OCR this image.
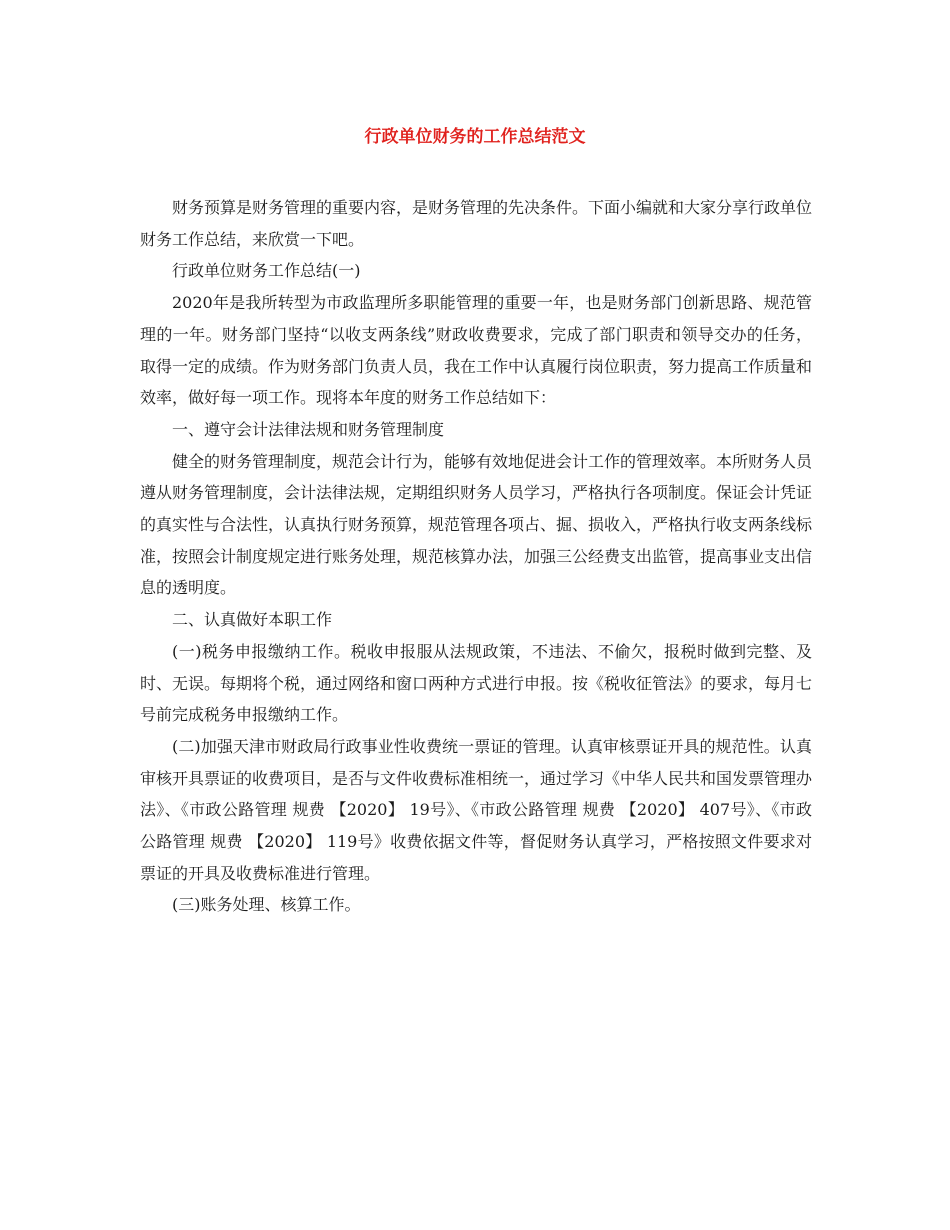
行政单位财务的工作总结范文

财务预算是财务管理的重要内容，是财务管理的先决条件。下面小编就和大家分享行政单位财务工作总结，来欣赏一下吧。

行政单位财务工作总结(一)

2020年是我所转型为市政监理所多职能管理的重要一年，也是财务部门创新思路、规范管理的一年。财务部门坚持“以收支两条线”财政收费要求，完成了部门职责和领导交办的任务，取得一定的成绩。作为财务部门负责人员，我在工作中认真履行岗位职责，努力提高工作质量和效率，做好每一项工作。现将本年度的财务工作总结如下：

一、遵守会计法律法规和财务管理制度

健全的财务管理制度，规范会计行为，能够有效地促进会计工作的管理效率。本所财务人员遵从财务管理制度，会计法律法规，定期组织财务人员学习，严格执行各项制度。保证会计凭证的真实性与合法性，认真执行财务预算，规范管理各项占、掘、损收入，严格执行收支两条线标准，按照会计制度规定进行账务处理，规范核算办法，加强三公经费支出监管，提高事业支出信息的透明度。

二、认真做好本职工作

(一)税务申报缴纳工作。税收申报服从法规政策，不违法、不偷欠，报税时做到完整、及时、无误。每期将个税，通过网络和窗口两种方式进行申报。按《税收征管法》的要求，每月七号前完成税务申报缴纳工作。

(二)加强天津市财政局行政事业性收费统一票证的管理。认真审核票证开具的规范性。认真审核开具票证的收费项目，是否与文件收费标准相统一，通过学习《中华人民共和国发票管理办法》、《市政公路管理 规费 【2020】 19号》、《市政公路管理 规费 【2020】 407号》、《市政公路管理 规费 【2020】 119号》收费依据文件等，督促财务认真学习，严格按照文件要求对票证的开具及收费标准进行管理。

(三)账务处理、核算工作。
